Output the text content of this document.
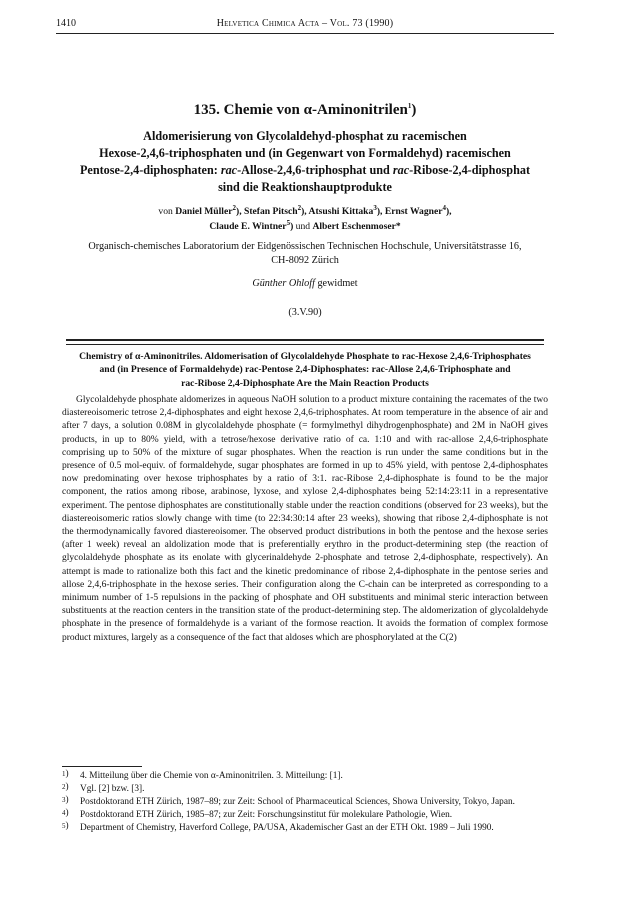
1410	Helvetica Chimica Acta – Vol. 73 (1990)
135. Chemie von α-Aminonitrilen$^1$)
Aldomerisierung von Glycolaldehyd-phosphat zu racemischen
Hexose-2,4,6-triphosphaten und (in Gegenwart von Formaldehyd) racemischen
Pentose-2,4-diphosphaten: rac-Allose-2,4,6-triphosphat und rac-Ribose-2,4-diphosphat
sind die Reaktionshauptprodukte
von Daniel Müller$^2$), Stefan Pitsch$^2$), Atsushi Kittaka$^3$), Ernst Wagner$^4$),
Claude E. Wintner$^5$) und Albert Eschenmoser*
Organisch-chemisches Laboratorium der Eidgenössischen Technischen Hochschule, Universitätstrasse 16,
CH-8092 Zürich
Günther Ohloff gewidmet
(3.V.90)
Chemistry of α-Aminonitriles. Aldomerisation of Glycolaldehyde Phosphate to rac-Hexose 2,4,6-Triphosphates
and (in Presence of Formaldehyde) rac-Pentose 2,4-Diphosphates: rac-Allose 2,4,6-Triphosphate and
rac-Ribose 2,4-Diphosphate Are the Main Reaction Products

Glycolaldehyde phosphate aldomerizes in aqueous NaOH solution to a product mixture containing the racemates of the two diastereoisomeric tetrose 2,4-diphosphates and eight hexose 2,4,6-triphosphates. At room temperature in the absence of air and after 7 days, a solution 0.08M in glycolaldehyde phosphate (= formylmethyl dihydrogenphosphate) and 2M in NaOH gives products, in up to 80% yield, with a tetrose/hexose derivative ratio of ca. 1:10 and with rac-allose 2,4,6-triphosphate comprising up to 50% of the mixture of sugar phosphates. When the reaction is run under the same conditions but in the presence of 0.5 mol-equiv. of formaldehyde, sugar phosphates are formed in up to 45% yield, with pentose 2,4-diphosphates now predominating over hexose triphosphates by a ratio of 3:1. rac-Ribose 2,4-diphosphate is found to be the major component, the ratios among ribose, arabinose, lyxose, and xylose 2,4-diphosphates being 52:14:23:11 in a representative experiment. The pentose diphosphates are constitutionally stable under the reaction conditions (observed for 23 weeks), but the diastereoisomeric ratios slowly change with time (to 22:34:30:14 after 23 weeks), showing that ribose 2,4-diphosphate is not the thermodynamically favored diastereoisomer. The observed product distributions in both the pentose and the hexose series (after 1 week) reveal an aldolization mode that is preferentially erythro in the product-determining step (the reaction of glycolaldehyde phosphate as its enolate with glycerinaldehyde 2-phosphate and tetrose 2,4-diphosphate, respectively). An attempt is made to rationalize both this fact and the kinetic predominance of ribose 2,4-diphosphate in the pentose series and allose 2,4,6-triphosphate in the hexose series. Their configuration along the C-chain can be interpreted as corresponding to a minimum number of 1-5 repulsions in the packing of phosphate and OH substituents and minimal steric interaction between substituents at the reaction centers in the transition state of the product-determining step. The aldomerization of glycolaldehyde phosphate in the presence of formaldehyde is a variant of the formose reaction. It avoids the formation of complex formose product mixtures, largely as a consequence of the fact that aldoses which are phosphorylated at the C(2)

1) 4. Mitteilung über die Chemie von α-Aminonitrilen. 3. Mitteilung: [1].
2) Vgl. [2] bzw. [3].
3) Postdoktorand ETH Zürich, 1987–89; zur Zeit: School of Pharmaceutical Sciences, Showa University, Tokyo, Japan.
4) Postdoktorand ETH Zürich, 1985–87; zur Zeit: Forschungsinstitut für molekulare Pathologie, Wien.
5) Department of Chemistry, Haverford College, PA/USA, Akademischer Gast an der ETH Okt. 1989 – Juli 1990.
